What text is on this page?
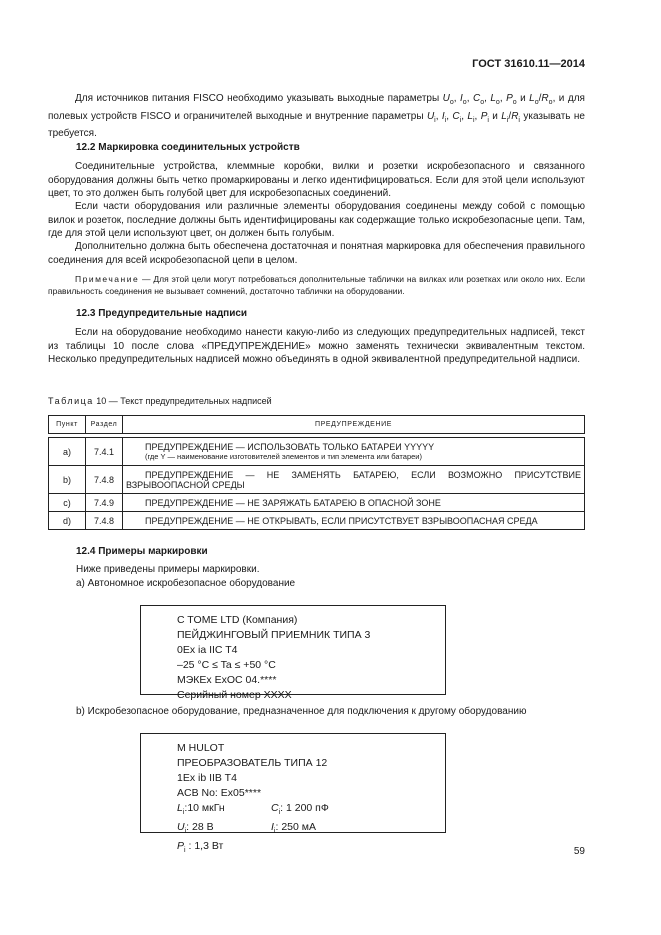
ГОСТ 31610.11—2014
Для источников питания FISCO необходимо указывать выходные параметры $U_o$, $I_o$, $C_o$, $L_o$, $P_o$ и $L_o/R_o$, и для полевых устройств FISCO и ограничителей выходные и внутренние параметры $U_i$, $I_i$, $C_i$, $L_i$, $P_i$ и $L_i/R_i$ указывать не требуется.
12.2 Маркировка соединительных устройств
Соединительные устройства, клеммные коробки, вилки и розетки искробезопасного и связанного оборудования должны быть четко промаркированы и легко идентифицироваться. Если для этой цели используют цвет, то это должен быть голубой цвет для искробезопасных соединений.
Если части оборудования или различные элементы оборудования соединены между собой с помощью вилок и розеток, последние должны быть идентифицированы как содержащие только искробезопасные цепи. Там, где для этой цели используют цвет, он должен быть голубым.
Дополнительно должна быть обеспечена достаточная и понятная маркировка для обеспечения правильного соединения для всей искробезопасной цепи в целом.
Примечание — Для этой цели могут потребоваться дополнительные таблички на вилках или розетках или около них. Если правильность соединения не вызывает сомнений, достаточно таблички на оборудовании.
12.3 Предупредительные надписи
Если на оборудование необходимо нанести какую-либо из следующих предупредительных надписей, текст из таблицы 10 после слова «ПРЕДУПРЕЖДЕНИЕ» можно заменять технически эквивалентным текстом. Несколько предупредительных надписей можно объединять в одной эквивалентной предупредительной надписи.
Таблица 10 — Текст предупредительных надписей
Пункт	Раздел	ПРЕДУПРЕЖДЕНИЕ

a)	7.4.1	ПРЕДУПРЕЖДЕНИЕ — ИСПОЛЬЗОВАТЬ ТОЛЬКО БАТАРЕИ YYYYY
(где Y — наименование изготовителей элементов и тип элемента или батареи)

b)	7.4.8	ПРЕДУПРЕЖДЕНИЕ — НЕ ЗАМЕНЯТЬ БАТАРЕЮ, ЕСЛИ ВОЗМОЖНО ПРИСУТСТВИЕ ВЗРЫВООПАСНОЙ СРЕДЫ
c)	7.4.9	ПРЕДУПРЕЖДЕНИЕ — НЕ ЗАРЯЖАТЬ БАТАРЕЮ В ОПАСНОЙ ЗОНЕ
d)	7.4.8	ПРЕДУПРЕЖДЕНИЕ — НЕ ОТКРЫВАТЬ, ЕСЛИ ПРИСУТСТВУЕТ ВЗРЫВООПАСНАЯ СРЕДА
12.4 Примеры маркировки
Ниже приведены примеры маркировки.
a) Автономное искробезопасное оборудование
C TOME LTD (Компания)
ПЕЙДЖИНГОВЫЙ ПРИЕМНИК ТИПА 3
0Ex ia IIC T4
–25 °C ≤ Ta ≤ +50 °C
МЭКEx ExOC 04.****
Серийный номер XXXX
b) Искробезопасное оборудование, предназначенное для подключения к другому оборудованию
M HULOT
ПРЕОБРАЗОВАТЕЛЬ ТИПА 12
1Ex ib IIB T4
ACB No: Ex05****
$L_i:10$ мкГн	$C_i$: 1 200 пФ
$U_i$: 28 В	$I_i$: 250 мА
$P_i$ : 1,3 Вт	59
